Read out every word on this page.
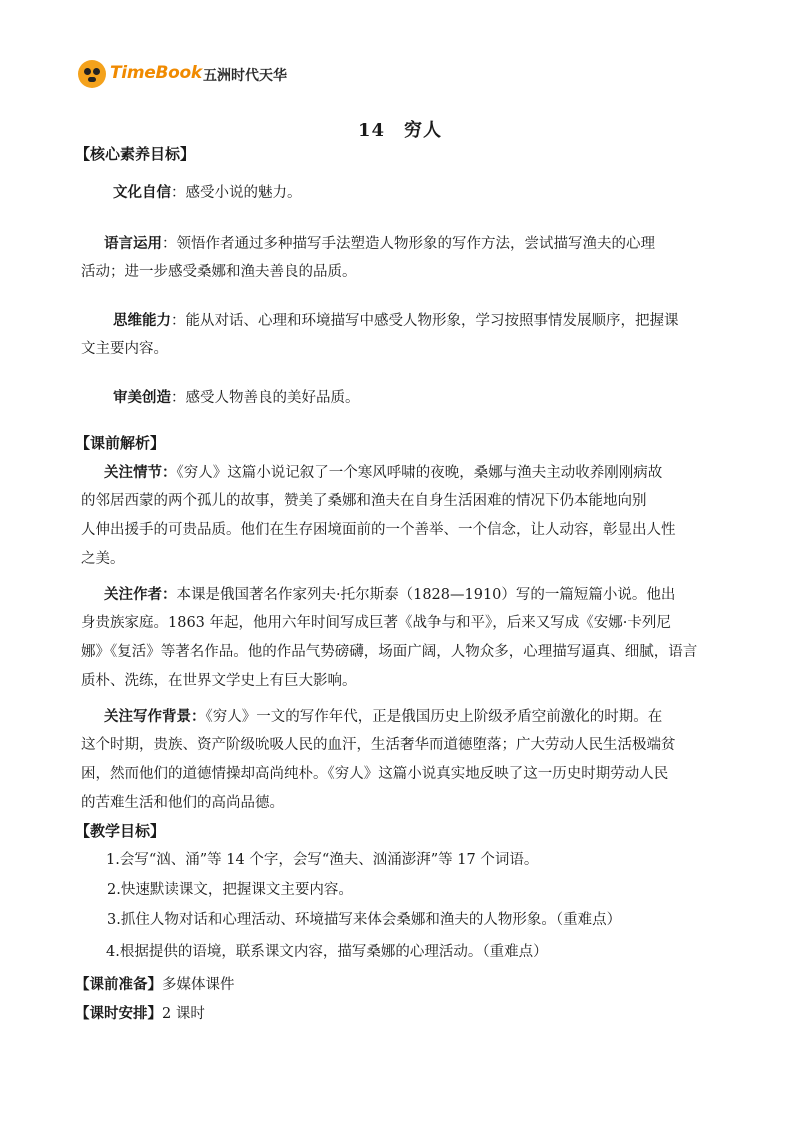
TimeBook 五洲时代天华
14　穷人
【核心素养目标】
文化自信：感受小说的魅力。
语言运用：领悟作者通过多种描写手法塑造人物形象的写作方法，尝试描写渔夫的心理
活动；进一步感受桑娜和渔夫善良的品质。
思维能力：能从对话、心理和环境描写中感受人物形象，学习按照事情发展顺序，把握课
文主要内容。
审美创造：感受人物善良的美好品质。
【课前解析】
关注情节：《穷人》这篇小说记叙了一个寒风呼啸的夜晚，桑娜与渔夫主动收养刚刚病故
的邻居西蒙的两个孤儿的故事，赞美了桑娜和渔夫在自身生活困难的情况下仍本能地向别
人伸出援手的可贵品质。他们在生存困境面前的一个善举、一个信念，让人动容，彰显出人性
之美。
关注作者：本课是俄国著名作家列夫·托尔斯泰（1828—1910）写的一篇短篇小说。他出
身贵族家庭。1863 年起，他用六年时间写成巨著《战争与和平》，后来又写成《安娜·卡列尼
娜》《复活》等著名作品。他的作品气势磅礴，场面广阔，人物众多，心理描写逼真、细腻，语言
质朴、洗练，在世界文学史上有巨大影响。
关注写作背景：《穷人》一文的写作年代，正是俄国历史上阶级矛盾空前激化的时期。在
这个时期，贵族、资产阶级吮吸人民的血汗，生活奢华而道德堕落；广大劳动人民生活极端贫
困，然而他们的道德情操却高尚纯朴。《穷人》这篇小说真实地反映了这一历史时期劳动人民
的苦难生活和他们的高尚品德。
【教学目标】
1.会写“汹、涌”等 14 个字，会写“渔夫、汹涌澎湃”等 17 个词语。
2.快速默读课文，把握课文主要内容。
3.抓住人物对话和心理活动、环境描写来体会桑娜和渔夫的人物形象。（重难点）
4.根据提供的语境，联系课文内容，描写桑娜的心理活动。（重难点）
【课前准备】多媒体课件
【课时安排】2 课时
